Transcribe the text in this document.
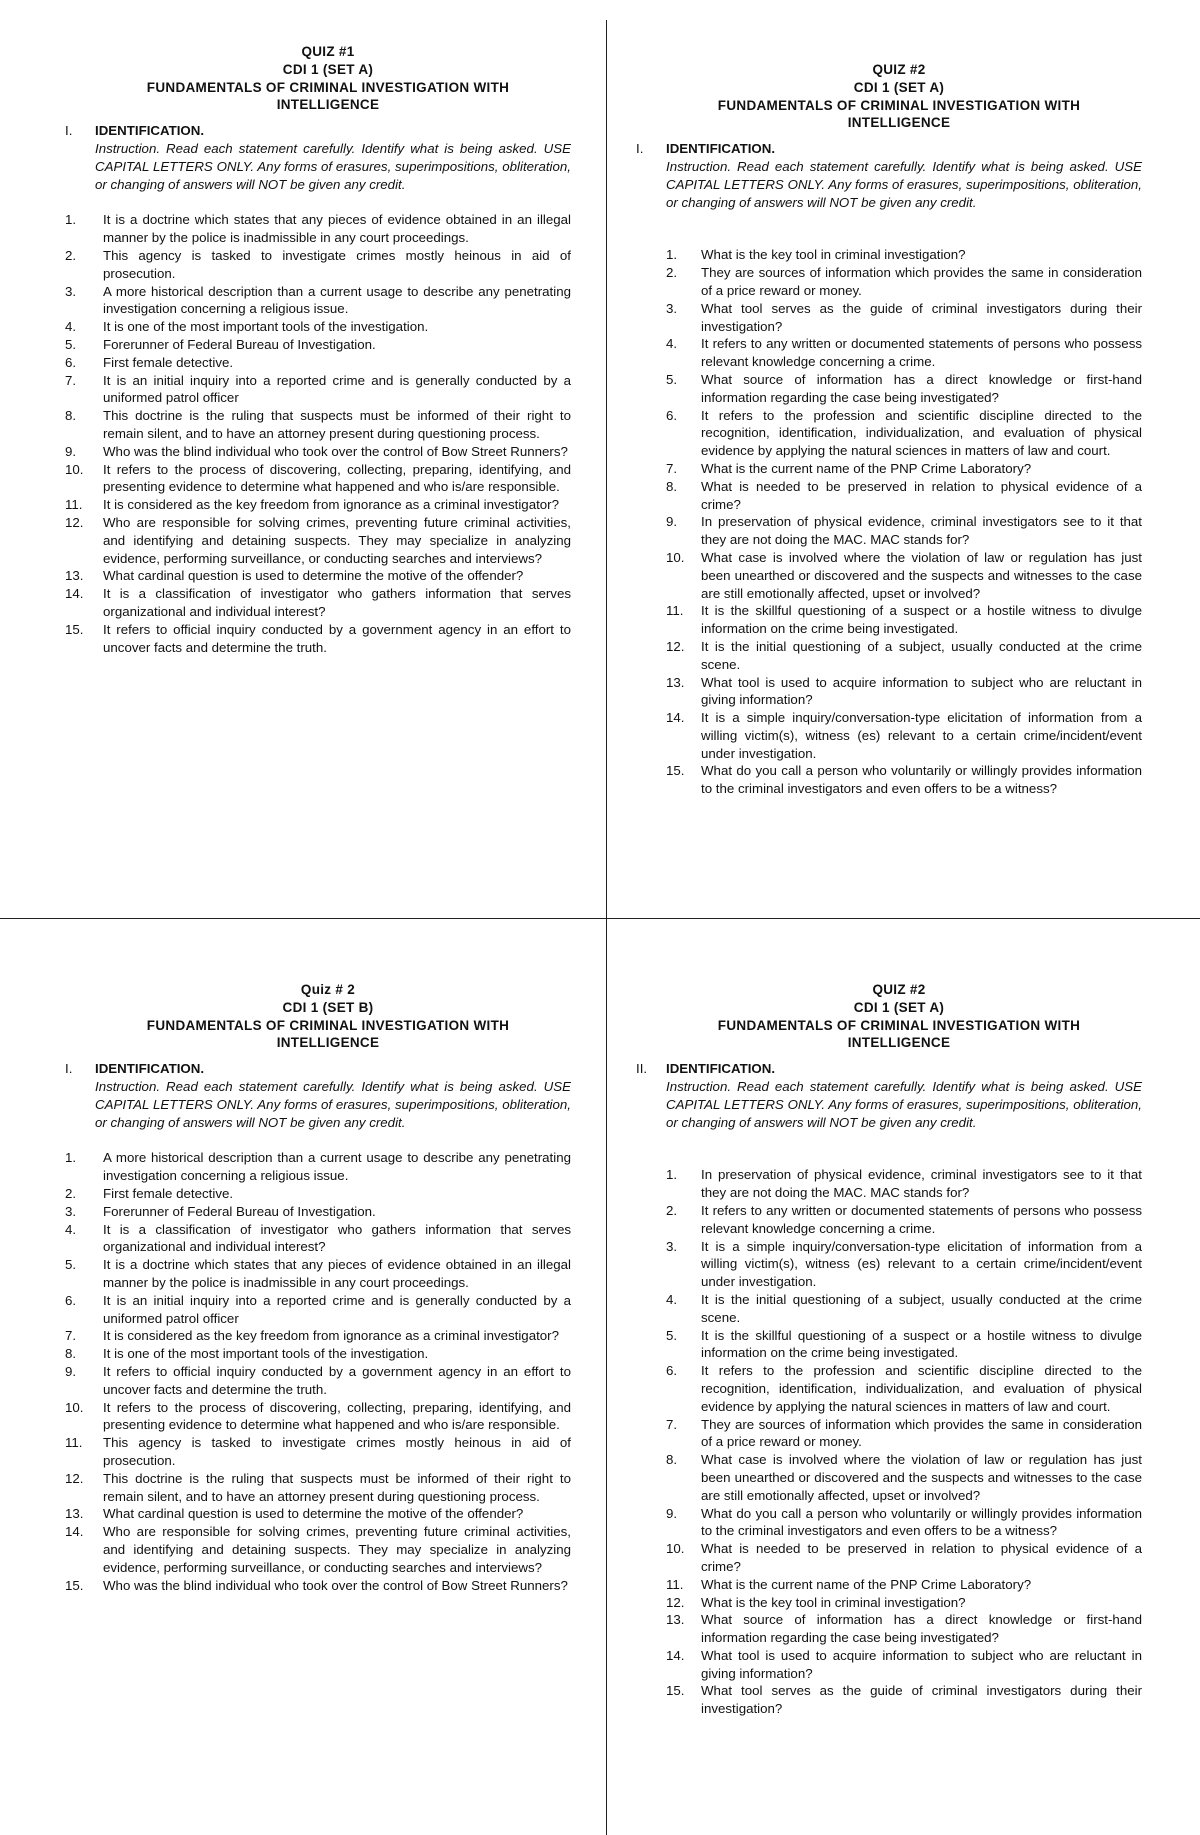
QUIZ #1
CDI 1 (SET A)
FUNDAMENTALS OF CRIMINAL INVESTIGATION WITH
INTELLIGENCE
I.	IDENTIFICATION.
Instruction. Read each statement carefully. Identify what is being asked. USE CAPITAL LETTERS ONLY. Any forms of erasures, superimpositions, obliteration, or changing of answers will NOT be given any credit.
1.	It is a doctrine which states that any pieces of evidence obtained in an illegal manner by the police is inadmissible in any court proceedings.
2.	This agency is tasked to investigate crimes mostly heinous in aid of prosecution.
3.	A more historical description than a current usage to describe any penetrating investigation concerning a religious issue.
4.	It is one of the most important tools of the investigation.
5.	Forerunner of Federal Bureau of Investigation.
6.	First female detective.
7.	It is an initial inquiry into a reported crime and is generally conducted by a uniformed patrol officer
8.	This doctrine is the ruling that suspects must be informed of their right to remain silent, and to have an attorney present during questioning process.
9.	Who was the blind individual who took over the control of Bow Street Runners?
10.	It refers to the process of discovering, collecting, preparing, identifying, and presenting evidence to determine what happened and who is/are responsible.
11.	It is considered as the key freedom from ignorance as a criminal investigator?
12.	Who are responsible for solving crimes, preventing future criminal activities, and identifying and detaining suspects. They may specialize in analyzing evidence, performing surveillance, or conducting searches and interviews?
13.	What cardinal question is used to determine the motive of the offender?
14.	It is a classification of investigator who gathers information that serves organizational and individual interest?
15.	It refers to official inquiry conducted by a government agency in an effort to uncover facts and determine the truth.
QUIZ #2
CDI 1 (SET A)
FUNDAMENTALS OF CRIMINAL INVESTIGATION WITH
INTELLIGENCE
I.	IDENTIFICATION.
Instruction. Read each statement carefully. Identify what is being asked. USE CAPITAL LETTERS ONLY. Any forms of erasures, superimpositions, obliteration, or changing of answers will NOT be given any credit.
1.	What is the key tool in criminal investigation?
2.	They are sources of information which provides the same in consideration of a price reward or money.
3.	What tool serves as the guide of criminal investigators during their investigation?
4.	It refers to any written or documented statements of persons who possess relevant knowledge concerning a crime.
5.	What source of information has a direct knowledge or first-hand information regarding the case being investigated?
6.	It refers to the profession and scientific discipline directed to the recognition, identification, individualization, and evaluation of physical evidence by applying the natural sciences in matters of law and court.
7.	What is the current name of the PNP Crime Laboratory?
8.	What is needed to be preserved in relation to physical evidence of a crime?
9.	In preservation of physical evidence, criminal investigators see to it that they are not doing the MAC. MAC stands for?
10.	What case is involved where the violation of law or regulation has just been unearthed or discovered and the suspects and witnesses to the case are still emotionally affected, upset or involved?
11.	It is the skillful questioning of a suspect or a hostile witness to divulge information on the crime being investigated.
12.	It is the initial questioning of a subject, usually conducted at the crime scene.
13.	What tool is used to acquire information to subject who are reluctant in giving information?
14.	It is a simple inquiry/conversation-type elicitation of information from a willing victim(s), witness (es) relevant to a certain crime/incident/event under investigation.
15.	What do you call a person who voluntarily or willingly provides information to the criminal investigators and even offers to be a witness?
Quiz # 2
CDI 1 (SET B)
FUNDAMENTALS OF CRIMINAL INVESTIGATION WITH
INTELLIGENCE
I.	IDENTIFICATION.
Instruction. Read each statement carefully. Identify what is being asked. USE CAPITAL LETTERS ONLY. Any forms of erasures, superimpositions, obliteration, or changing of answers will NOT be given any credit.
1.	A more historical description than a current usage to describe any penetrating investigation concerning a religious issue.
2.	First female detective.
3.	Forerunner of Federal Bureau of Investigation.
4.	It is a classification of investigator who gathers information that serves organizational and individual interest?
5.	It is a doctrine which states that any pieces of evidence obtained in an illegal manner by the police is inadmissible in any court proceedings.
6.	It is an initial inquiry into a reported crime and is generally conducted by a uniformed patrol officer
7.	It is considered as the key freedom from ignorance as a criminal investigator?
8.	It is one of the most important tools of the investigation.
9.	It refers to official inquiry conducted by a government agency in an effort to uncover facts and determine the truth.
10.	It refers to the process of discovering, collecting, preparing, identifying, and presenting evidence to determine what happened and who is/are responsible.
11.	This agency is tasked to investigate crimes mostly heinous in aid of prosecution.
12.	This doctrine is the ruling that suspects must be informed of their right to remain silent, and to have an attorney present during questioning process.
13.	What cardinal question is used to determine the motive of the offender?
14.	Who are responsible for solving crimes, preventing future criminal activities, and identifying and detaining suspects. They may specialize in analyzing evidence, performing surveillance, or conducting searches and interviews?
15.	Who was the blind individual who took over the control of Bow Street Runners?
QUIZ #2
CDI 1 (SET A)
FUNDAMENTALS OF CRIMINAL INVESTIGATION WITH
INTELLIGENCE
II.	IDENTIFICATION.
Instruction. Read each statement carefully. Identify what is being asked. USE CAPITAL LETTERS ONLY. Any forms of erasures, superimpositions, obliteration, or changing of answers will NOT be given any credit.
1.	In preservation of physical evidence, criminal investigators see to it that they are not doing the MAC. MAC stands for?
2.	It refers to any written or documented statements of persons who possess relevant knowledge concerning a crime.
3.	It is a simple inquiry/conversation-type elicitation of information from a willing victim(s), witness (es) relevant to a certain crime/incident/event under investigation.
4.	It is the initial questioning of a subject, usually conducted at the crime scene.
5.	It is the skillful questioning of a suspect or a hostile witness to divulge information on the crime being investigated.
6.	It refers to the profession and scientific discipline directed to the recognition, identification, individualization, and evaluation of physical evidence by applying the natural sciences in matters of law and court.
7.	They are sources of information which provides the same in consideration of a price reward or money.
8.	What case is involved where the violation of law or regulation has just been unearthed or discovered and the suspects and witnesses to the case are still emotionally affected, upset or involved?
9.	What do you call a person who voluntarily or willingly provides information to the criminal investigators and even offers to be a witness?
10.	What is needed to be preserved in relation to physical evidence of a crime?
11.	What is the current name of the PNP Crime Laboratory?
12.	What is the key tool in criminal investigation?
13.	What source of information has a direct knowledge or first-hand information regarding the case being investigated?
14.	What tool is used to acquire information to subject who are reluctant in giving information?
15.	What tool serves as the guide of criminal investigators during their investigation?
